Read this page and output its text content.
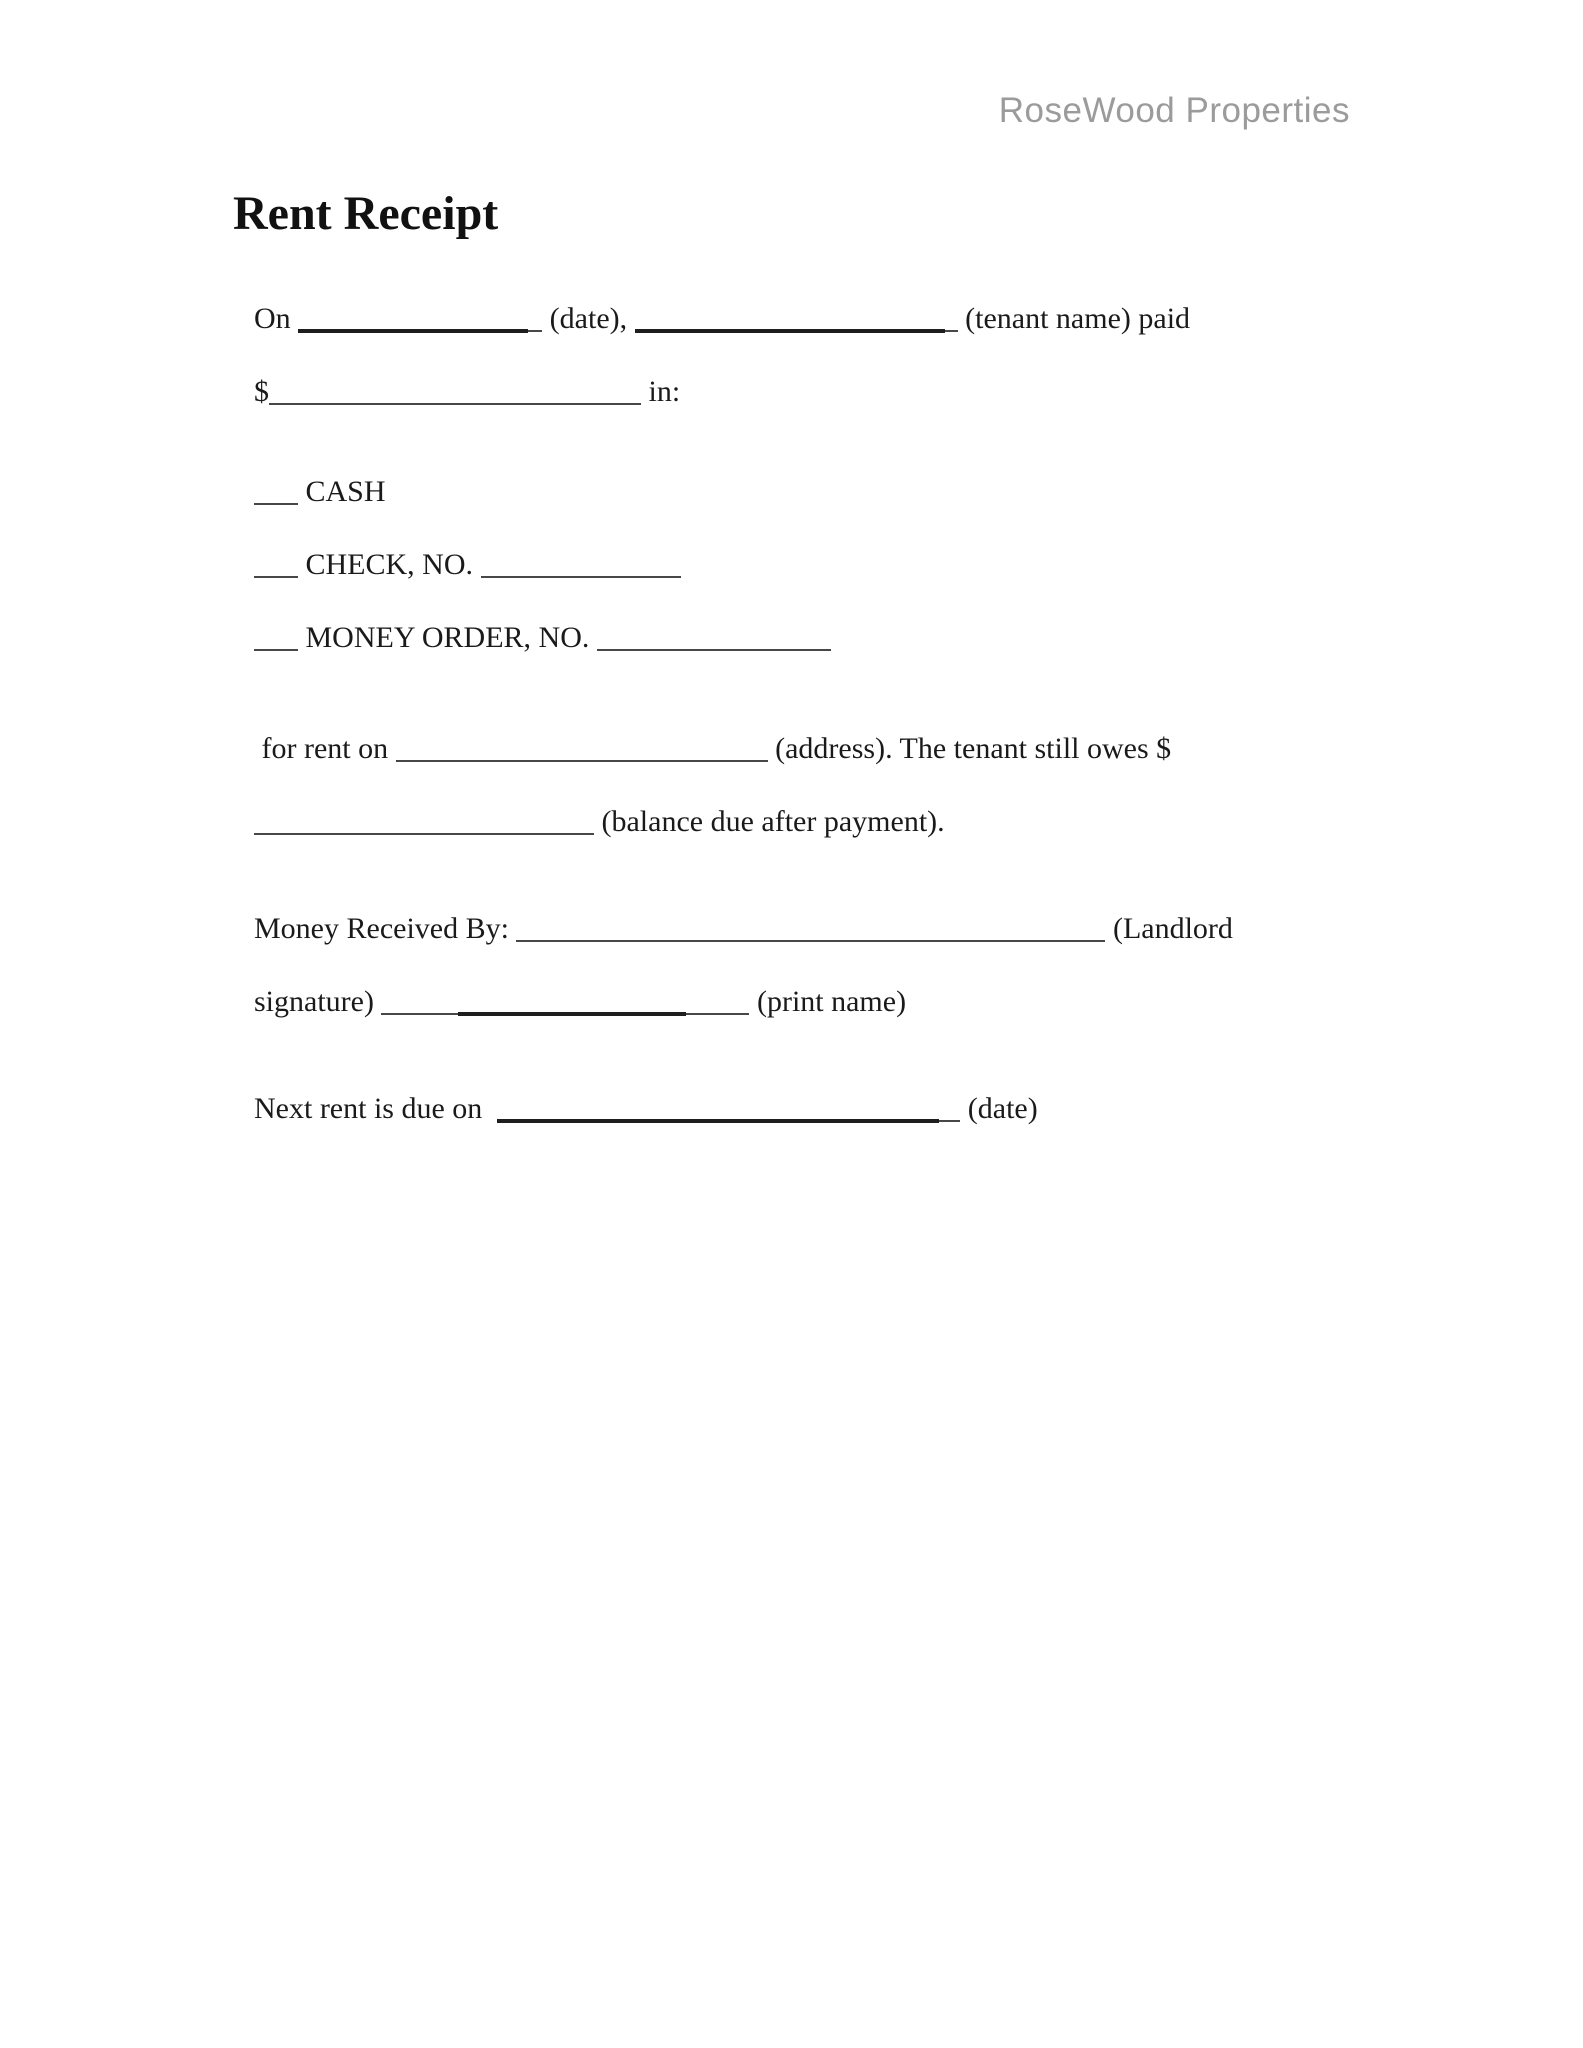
RoseWood Properties
Rent Receipt

On	(date),	(tenant name) paid

$	in:

CASH

CHECK, NO.

MONEY ORDER, NO.

for rent on	(address). The tenant still owes $

(balance due after payment).

Money Received By:	(Landlord

signature)	(print name)

Next rent is due on	(date)
